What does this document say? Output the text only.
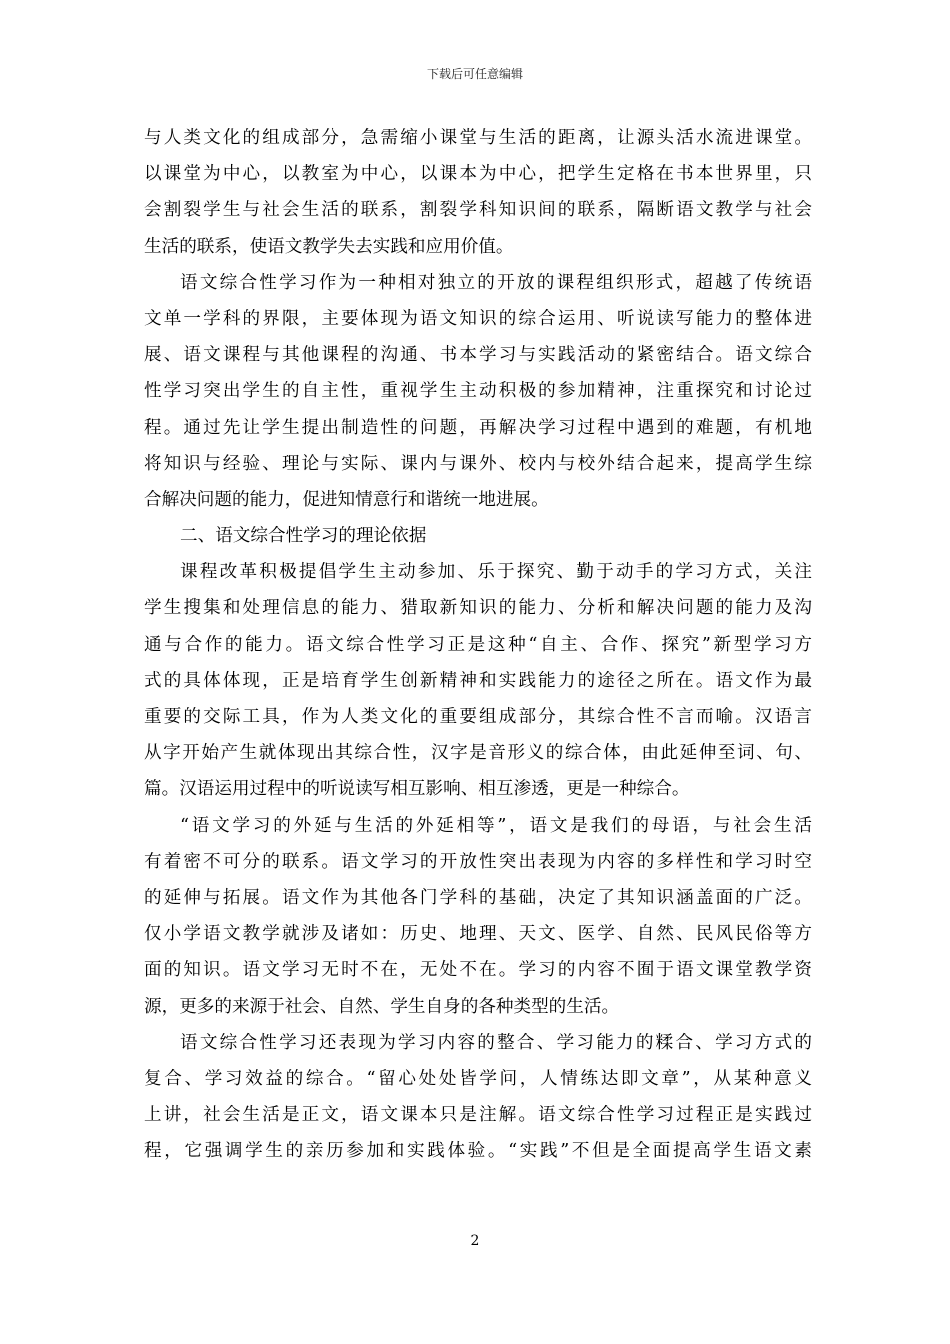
下载后可任意编辑
与人类文化的组成部分，急需缩小课堂与生活的距离，让源头活水流进课堂。
以课堂为中心，以教室为中心，以课本为中心，把学生定格在书本世界里，只
会割裂学生与社会生活的联系，割裂学科知识间的联系，隔断语文教学与社会
生活的联系，使语文教学失去实践和应用价值。
语文综合性学习作为一种相对独立的开放的课程组织形式，超越了传统语
文单一学科的界限，主要体现为语文知识的综合运用、听说读写能力的整体进
展、语文课程与其他课程的沟通、书本学习与实践活动的紧密结合。语文综合
性学习突出学生的自主性，重视学生主动积极的参加精神，注重探究和讨论过
程。通过先让学生提出制造性的问题，再解决学习过程中遇到的难题，有机地
将知识与经验、理论与实际、课内与课外、校内与校外结合起来，提高学生综
合解决问题的能力，促进知情意行和谐统一地进展。
二、语文综合性学习的理论依据
课程改革积极提倡学生主动参加、乐于探究、勤于动手的学习方式，关注
学生搜集和处理信息的能力、猎取新知识的能力、分析和解决问题的能力及沟
通与合作的能力。语文综合性学习正是这种“自主、合作、探究”新型学习方
式的具体体现，正是培育学生创新精神和实践能力的途径之所在。语文作为最
重要的交际工具，作为人类文化的重要组成部分，其综合性不言而喻。汉语言
从字开始产生就体现出其综合性，汉字是音形义的综合体，由此延伸至词、句、
篇。汉语运用过程中的听说读写相互影响、相互渗透，更是一种综合。
“语文学习的外延与生活的外延相等”，语文是我们的母语，与社会生活
有着密不可分的联系。语文学习的开放性突出表现为内容的多样性和学习时空
的延伸与拓展。语文作为其他各门学科的基础，决定了其知识涵盖面的广泛。
仅小学语文教学就涉及诸如：历史、地理、天文、医学、自然、民风民俗等方
面的知识。语文学习无时不在，无处不在。学习的内容不囿于语文课堂教学资
源，更多的来源于社会、自然、学生自身的各种类型的生活。
语文综合性学习还表现为学习内容的整合、学习能力的糅合、学习方式的
复合、学习效益的综合。“留心处处皆学问，人情练达即文章”，从某种意义
上讲，社会生活是正文，语文课本只是注解。语文综合性学习过程正是实践过
程，它强调学生的亲历参加和实践体验。“实践”不但是全面提高学生语文素
2
